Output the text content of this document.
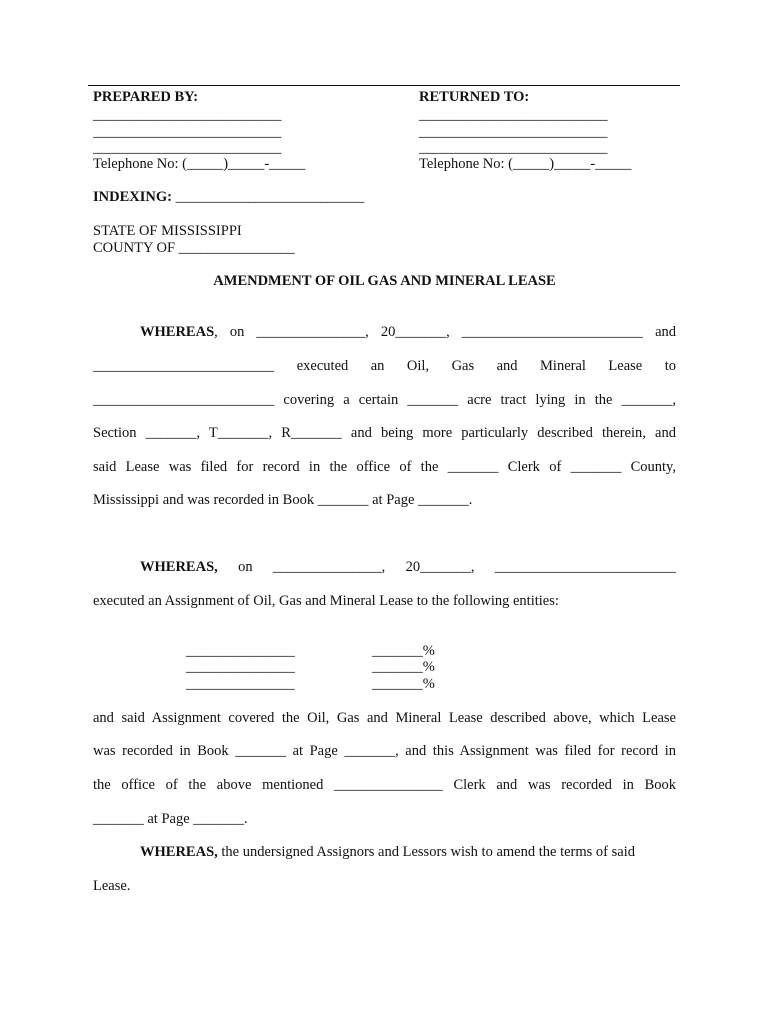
PREPARED BY:
__________________________
__________________________
__________________________
Telephone No: (_____)_____-_____
RETURNED TO:
__________________________
__________________________
__________________________
Telephone No: (_____)_____-_____
INDEXING: __________________________
STATE OF MISSISSIPPI
COUNTY OF ________________
AMENDMENT OF OIL GAS AND MINERAL LEASE
WHEREAS, on _______________, 20_______, _________________________ and
_________________________ executed an Oil, Gas and Mineral Lease to
_________________________ covering a certain _______ acre tract lying in the _______,
Section _______, T_______, R_______ and being more particularly described therein, and
said Lease was filed for record in the office of the _______ Clerk of _______ County,
Mississippi and was recorded in Book _______ at Page _______.
WHEREAS, on _______________, 20_______, _________________________
executed an Assignment of Oil, Gas and Mineral Lease to the following entities:
_______________	_______%
_______________	_______%
_______________	_______%
and said Assignment covered the Oil, Gas and Mineral Lease described above, which Lease
was recorded in Book _______ at Page _______, and this Assignment was filed for record in
the office of the above mentioned _______________ Clerk and was recorded in Book
_______ at Page _______.
WHEREAS, the undersigned Assignors and Lessors wish to amend the terms of said
Lease.
